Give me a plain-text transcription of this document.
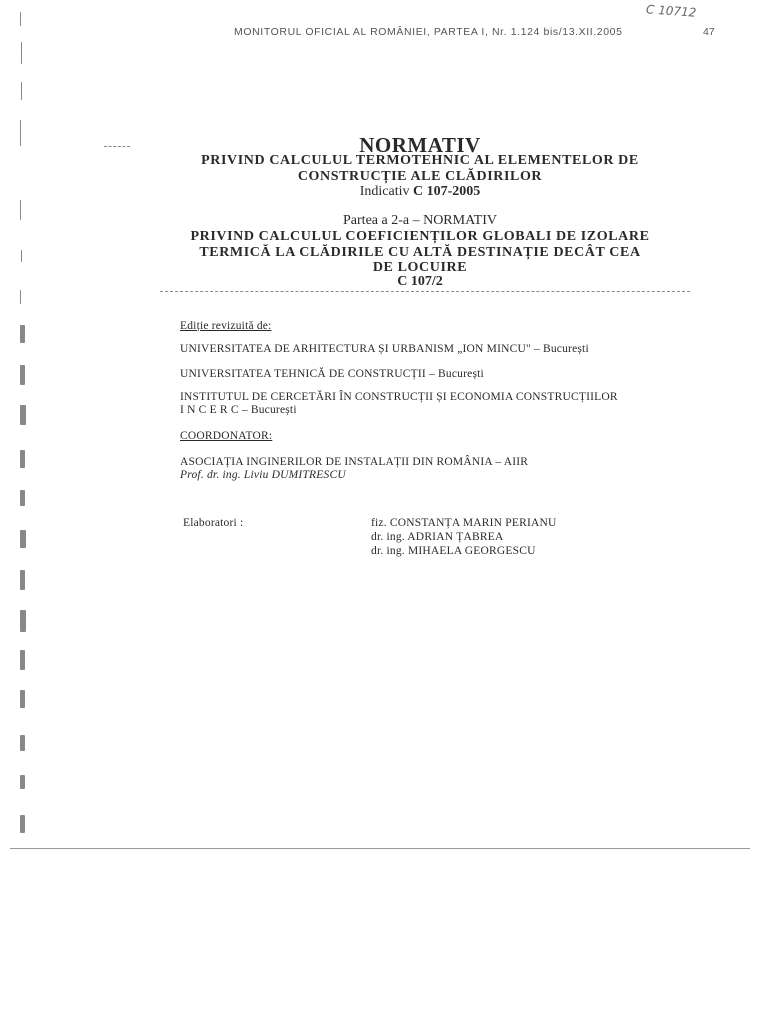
MONITORUL OFICIAL AL ROMÂNIEI, PARTEA I, Nr. 1.124 bis/13.XII.2005	47
C 10712
NORMATIV
PRIVIND CALCULUL TERMOTEHNIC AL ELEMENTELOR DE
CONSTRUCȚIE ALE CLĂDIRILOR
Indicativ C 107-2005
Partea a 2-a – NORMATIV
PRIVIND CALCULUL COEFICIENȚILOR GLOBALI DE IZOLARE
TERMICĂ LA CLĂDIRILE CU ALTĂ DESTINAȚIE DECÂT CEA
DE LOCUIRE
C 107/2
Ediție revizuită de:
UNIVERSITATEA DE ARHITECTURA ȘI URBANISM „ION MINCU" – București
UNIVERSITATEA TEHNICĂ DE CONSTRUCȚII – București
INSTITUTUL DE CERCETĂRI ÎN CONSTRUCȚII ȘI ECONOMIA CONSTRUCȚIILOR
I N C E R C – București
COORDONATOR:
ASOCIAȚIA INGINERILOR DE INSTALAȚII DIN ROMÂNIA – AIIR
Prof. dr. ing. Liviu DUMITRESCU
Elaboratori :	fiz. CONSTANȚA MARIN PERIANU
dr. ing. ADRIAN ȚABREA
dr. ing. MIHAELA GEORGESCU
